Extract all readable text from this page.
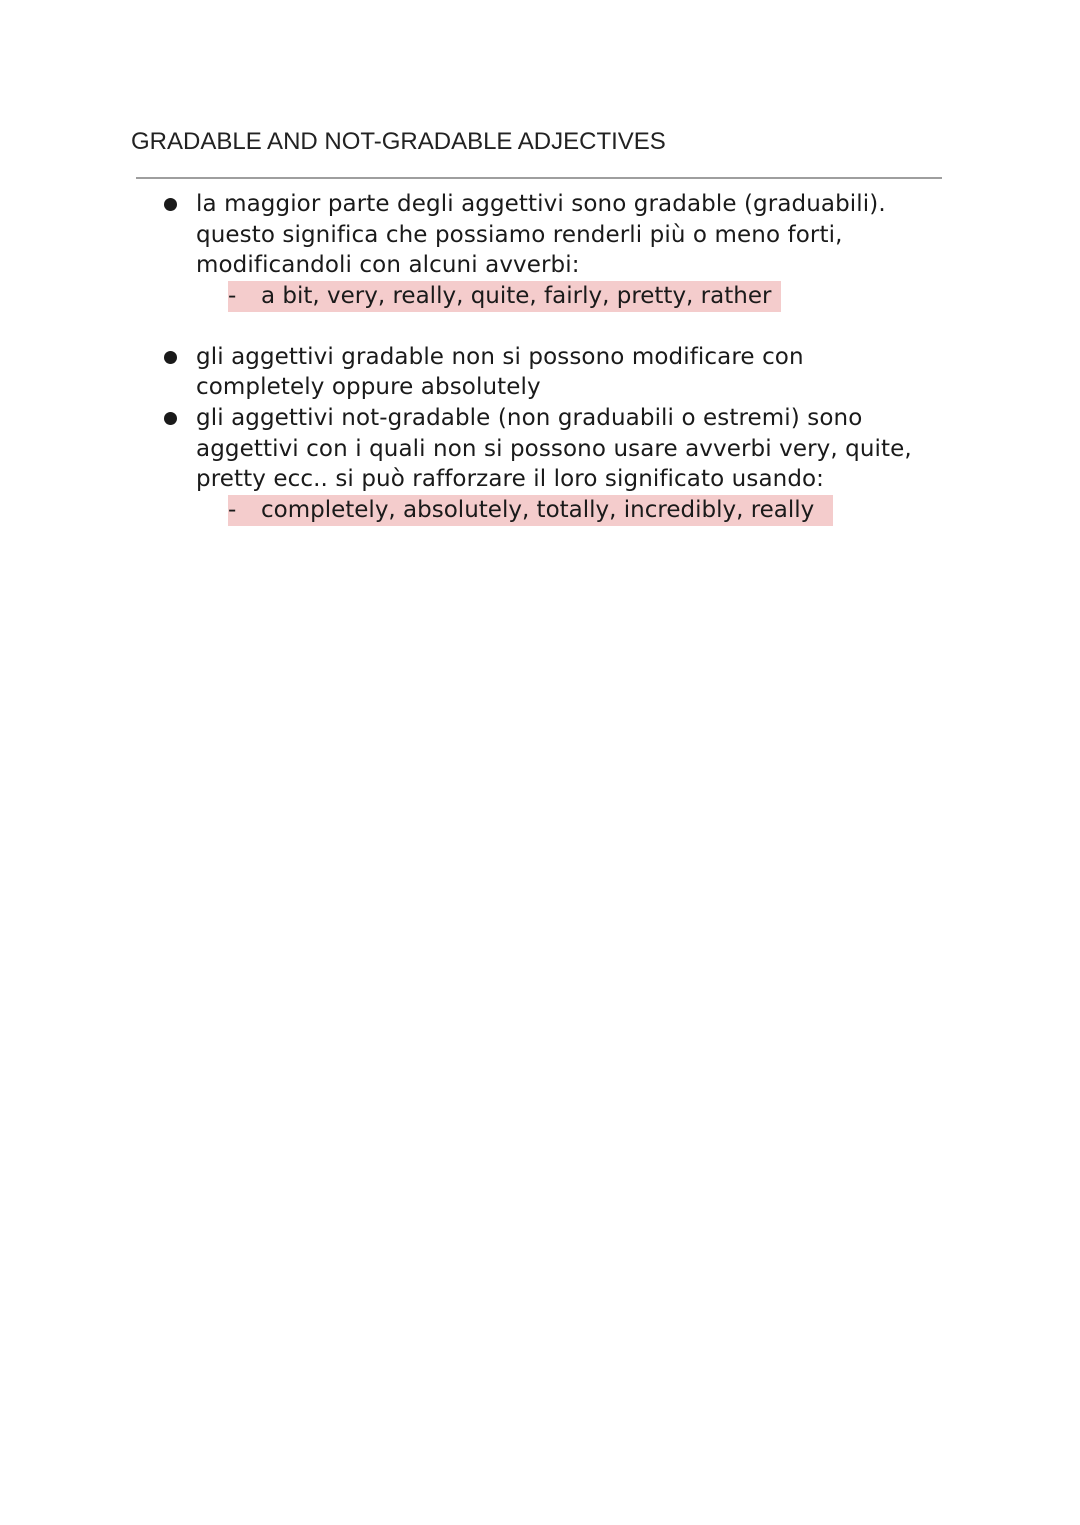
GRADABLE AND NOT-GRADABLE ADJECTIVES
la maggior parte degli aggettivi sono gradable (graduabili).
questo significa che possiamo renderli più o meno forti,
modificandoli con alcuni avverbi:
- a bit, very, really, quite, fairly, pretty, rather
gli aggettivi gradable non si possono modificare con
completely oppure absolutely
gli aggettivi not-gradable (non graduabili o estremi) sono
aggettivi con i quali non si possono usare avverbi very, quite,
pretty ecc.. si può rafforzare il loro significato usando:
- completely, absolutely, totally, incredibly, really
